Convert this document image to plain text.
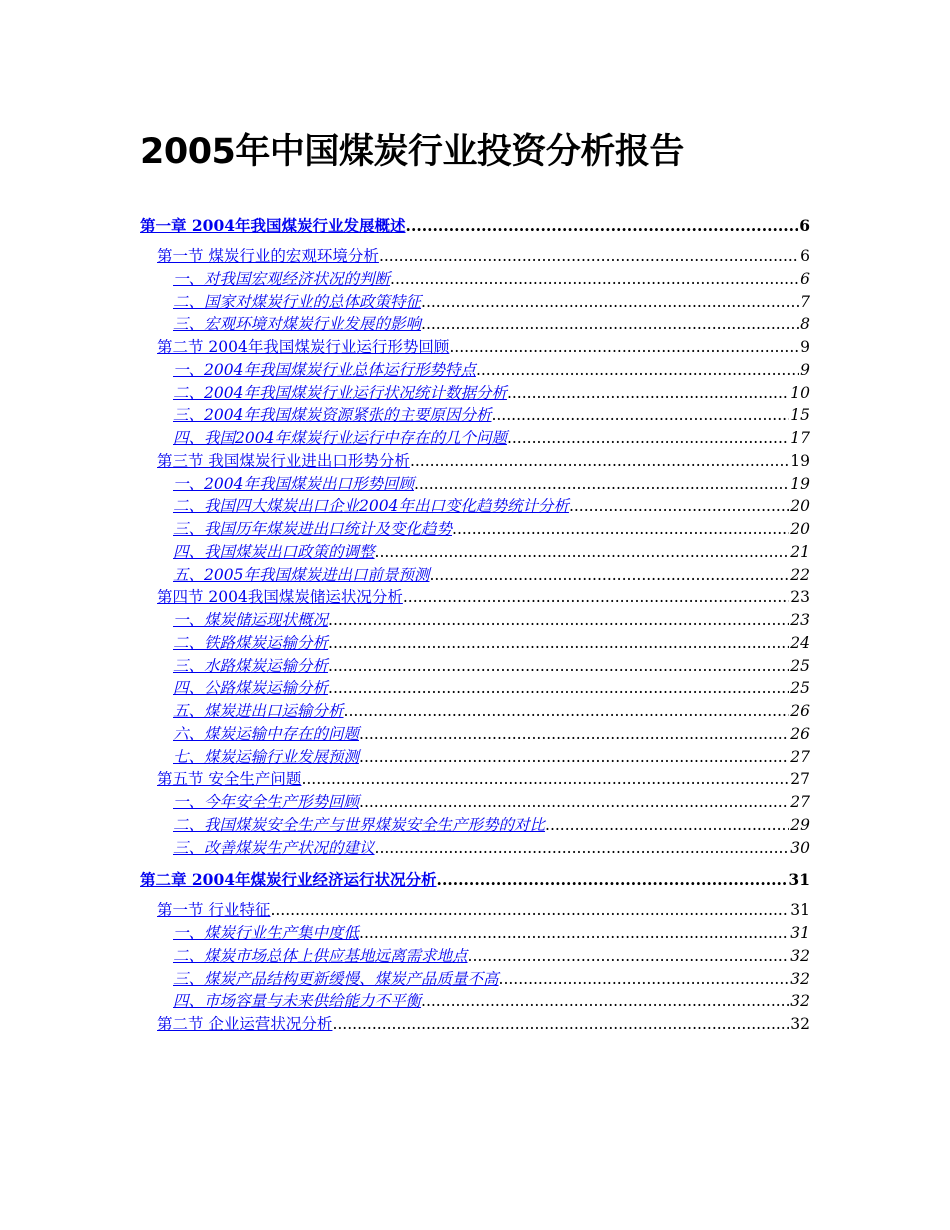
2005年中国煤炭行业投资分析报告
第一章 2004年我国煤炭行业发展概述 .....	6
第一节 煤炭行业的宏观环境分析 .....	6
一、对我国宏观经济状况的判断 .....	6
二、国家对煤炭行业的总体政策特征 .....	7
三、宏观环境对煤炭行业发展的影响 .....	8
第二节 2004年我国煤炭行业运行形势回顾 .....	9
一、2004年我国煤炭行业总体运行形势特点 .....	9
二、2004年我国煤炭行业运行状况统计数据分析 .....	10
三、2004年我国煤炭资源紧张的主要原因分析 .....	15
四、我国2004年煤炭行业运行中存在的几个问题 .....	17
第三节 我国煤炭行业进出口形势分析 .....	19
一、2004年我国煤炭出口形势回顾 .....	19
二、我国四大煤炭出口企业2004年出口变化趋势统计分析 .....	20
三、我国历年煤炭进出口统计及变化趋势 .....	20
四、我国煤炭出口政策的调整 .....	21
五、2005年我国煤炭进出口前景预测 .....	22
第四节 2004我国煤炭储运状况分析 .....	23
一、煤炭储运现状概况 .....	23
二、铁路煤炭运输分析 .....	24
三、水路煤炭运输分析 .....	25
四、公路煤炭运输分析 .....	25
五、煤炭进出口运输分析 .....	26
六、煤炭运输中存在的问题 .....	26
七、煤炭运输行业发展预测 .....	27
第五节 安全生产问题 .....	27
一、今年安全生产形势回顾 .....	27
二、我国煤炭安全生产与世界煤炭安全生产形势的对比 .....	29
三、改善煤炭生产状况的建议 .....	30
第二章 2004年煤炭行业经济运行状况分析 .....	31
第一节 行业特征 .....	31
一、煤炭行业生产集中度低 .....	31
二、煤炭市场总体上供应基地远离需求地点 .....	32
三、煤炭产品结构更新缓慢、煤炭产品质量不高 .....	32
四、市场容量与未来供给能力不平衡 .....	32
第二节 企业运营状况分析 .....	32
